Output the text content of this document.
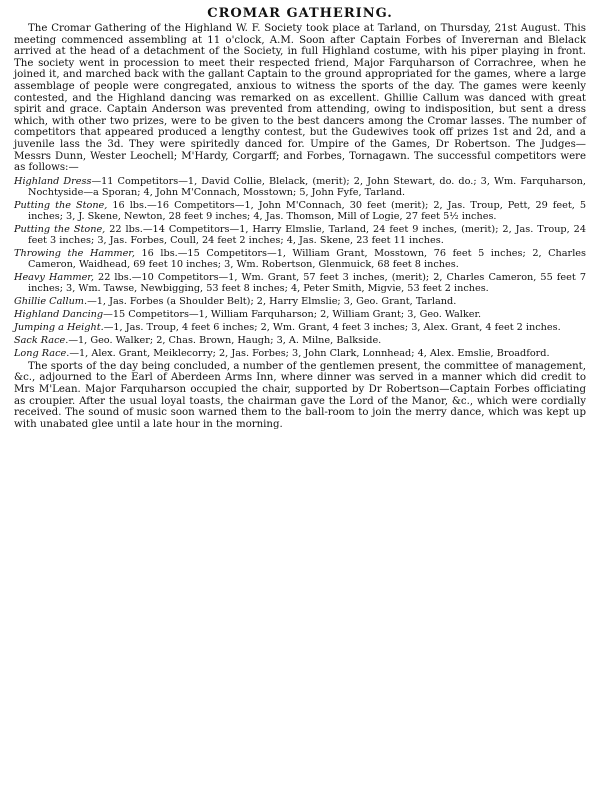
CROMAR GATHERING.

The Cromar Gathering of the Highland W. F. Society took place at Tarland, on Thursday, 21st August. This meeting commenced assembling at 11 o'clock, A.M. Soon after Captain Forbes of Inverernan and Blelack arrived at the head of a detachment of the Society, in full Highland costume, with his piper playing in front. The society went in procession to meet their respected friend, Major Farquharson of Corrachree, when he joined it, and marched back with the gallant Captain to the ground appropriated for the games, where a large assemblage of people were congregated, anxious to witness the sports of the day. The games were keenly contested, and the Highland dancing was remarked on as excellent. Ghillie Callum was danced with great spirit and grace. Captain Anderson was prevented from attending, owing to indisposition, but sent a dress which, with other two prizes, were to be given to the best dancers among the Cromar lasses. The number of competitors that appeared produced a lengthy contest, but the Gudewives took off prizes 1st and 2d, and a juvenile lass the 3d. They were spiritedly danced for. Umpire of the Games, Dr Robertson. The Judges—Messrs Dunn, Wester Leochell; M'Hardy, Corgarff; and Forbes, Tornagawn. The successful competitors were as follows:—

Highland Dress—11 Competitors—1, David Collie, Blelack, (merit); 2, John Stewart, do. do.; 3, Wm. Farquharson, Nochtyside—a Sporan; 4, John M'Connach, Mosstown; 5, John Fyfe, Tarland.

Putting the Stone, 16 lbs.—16 Competitors—1, John M'Connach, 30 feet (merit); 2, Jas. Troup, Pett, 29 feet, 5 inches; 3, J. Skene, Newton, 28 feet 9 inches; 4, Jas. Thomson, Mill of Logie, 27 feet 5½ inches.

Putting the Stone, 22 lbs.—14 Competitors—1, Harry Elmslie, Tarland, 24 feet 9 inches, (merit); 2, Jas. Troup, 24 feet 3 inches; 3, Jas. Forbes, Coull, 24 feet 2 inches; 4, Jas. Skene, 23 feet 11 inches.

Throwing the Hammer, 16 lbs.—15 Competitors—1, William Grant, Mosstown, 76 feet 5 inches; 2, Charles Cameron, Waidhead, 69 feet 10 inches; 3, Wm. Robertson, Glenmuick, 68 feet 8 inches.

Heavy Hammer, 22 lbs.—10 Competitors—1, Wm. Grant, 57 feet 3 inches, (merit); 2, Charles Cameron, 55 feet 7 inches; 3, Wm. Tawse, Newbigging, 53 feet 8 inches; 4, Peter Smith, Migvie, 53 feet 2 inches.

Ghillie Callum.—1, Jas. Forbes (a Shoulder Belt); 2, Harry Elmslie; 3, Geo. Grant, Tarland.

Highland Dancing—15 Competitors—1, William Farquharson; 2, William Grant; 3, Geo. Walker.

Jumping a Height.—1, Jas. Troup, 4 feet 6 inches; 2, Wm. Grant, 4 feet 3 inches; 3, Alex. Grant, 4 feet 2 inches.

Sack Race.—1, Geo. Walker; 2, Chas. Brown, Haugh; 3, A. Milne, Balkside.

Long Race.—1, Alex. Grant, Meiklecorry; 2, Jas. Forbes; 3, John Clark, Lonnhead; 4, Alex. Emslie, Broadford.

The sports of the day being concluded, a number of the gentlemen present, the committee of management, &c., adjourned to the Earl of Aberdeen Arms Inn, where dinner was served in a manner which did credit to Mrs M'Lean. Major Farquharson occupied the chair, supported by Dr Robertson—Captain Forbes officiating as croupier. After the usual loyal toasts, the chairman gave the Lord of the Manor, &c., which were cordially received. The sound of music soon warned them to the ball-room to join the merry dance, which was kept up with unabated glee until a late hour in the morning.
